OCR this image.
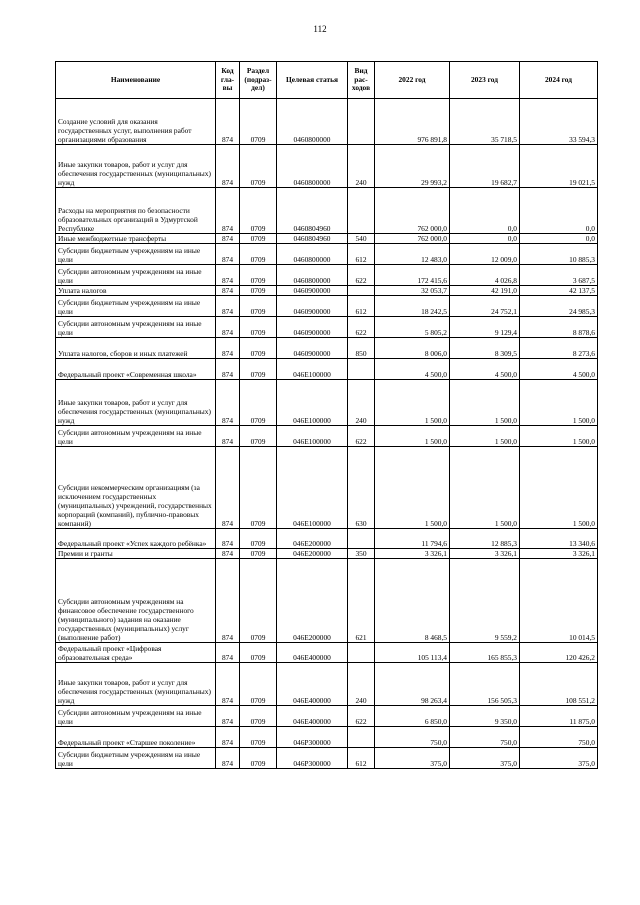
112
Наименование	Код гла-вы	Раздел (подраз-дел)	Целевая статья	Вид рас-ходов	2022 год	2023 год	2024 год
Создание условий для оказания государственных услуг, выполнения работ организациями образования	874	0709	0460800000		976 891,8	35 718,5	33 594,3
Иные закупки товаров, работ и услуг для обеспечения государственных (муниципальных) нужд	874	0709	0460800000	240	29 993,2	19 682,7	19 021,5
Расходы на мероприятия по безопасности образовательных организаций в Удмуртской Республике	874	0709	0460804960		762 000,0	0,0	0,0
Иные межбюджетные трансферты	874	0709	0460804960	540	762 000,0	0,0	0,0
Субсидии бюджетным учреждениям на иные цели	874	0709	0460800000	612	12 483,0	12 009,0	10 885,3
Субсидии автономным учреждениям на иные цели	874	0709	0460800000	622	172 415,6	4 026,8	3 687,5
Уплата налогов	874	0709	0460900000		32 053,7	42 191,0	42 137,5
Субсидии бюджетным учреждениям на иные цели	874	0709	0460900000	612	18 242,5	24 752,1	24 985,3
Субсидии автономным учреждениям на иные цели	874	0709	0460900000	622	5 805,2	9 129,4	8 878,6
Уплата налогов, сборов и иных платежей	874	0709	0460900000	850	8 006,0	8 309,5	8 273,6
Федеральный проект «Современная школа»	874	0709	046E100000		4 500,0	4 500,0	4 500,0
Иные закупки товаров, работ и услуг для обеспечения государственных (муниципальных) нужд	874	0709	046E100000	240	1 500,0	1 500,0	1 500,0
Субсидии автономным учреждениям на иные цели	874	0709	046E100000	622	1 500,0	1 500,0	1 500,0
Субсидии некоммерческим организациям (за исключением государственных (муниципальных) учреждений, государственных корпораций (компаний), публично-правовых компаний)	874	0709	046E100000	630	1 500,0	1 500,0	1 500,0
Федеральный проект «Успех каждого ребёнка»	874	0709	046E200000		11 794,6	12 885,3	13 340,6
Премии и гранты	874	0709	046E200000	350	3 326,1	3 326,1	3 326,1
Субсидии автономным учреждениям на финансовое обеспечение государственного (муниципального) задания на оказание государственных (муниципальных) услуг (выполнение работ)	874	0709	046E200000	621	8 468,5	9 559,2	10 014,5
Федеральный проект «Цифровая образовательная среда»	874	0709	046E400000		105 113,4	165 855,3	120 426,2
Иные закупки товаров, работ и услуг для обеспечения государственных (муниципальных) нужд	874	0709	046E400000	240	98 263,4	156 505,3	108 551,2
Субсидии автономным учреждениям на иные цели	874	0709	046E400000	622	6 850,0	9 350,0	11 875,0
Федеральный проект «Старшее поколение»	874	0709	046P300000		750,0	750,0	750,0
Субсидии бюджетным учреждениям на иные цели	874	0709	046P300000	612	375,0	375,0	375,0
